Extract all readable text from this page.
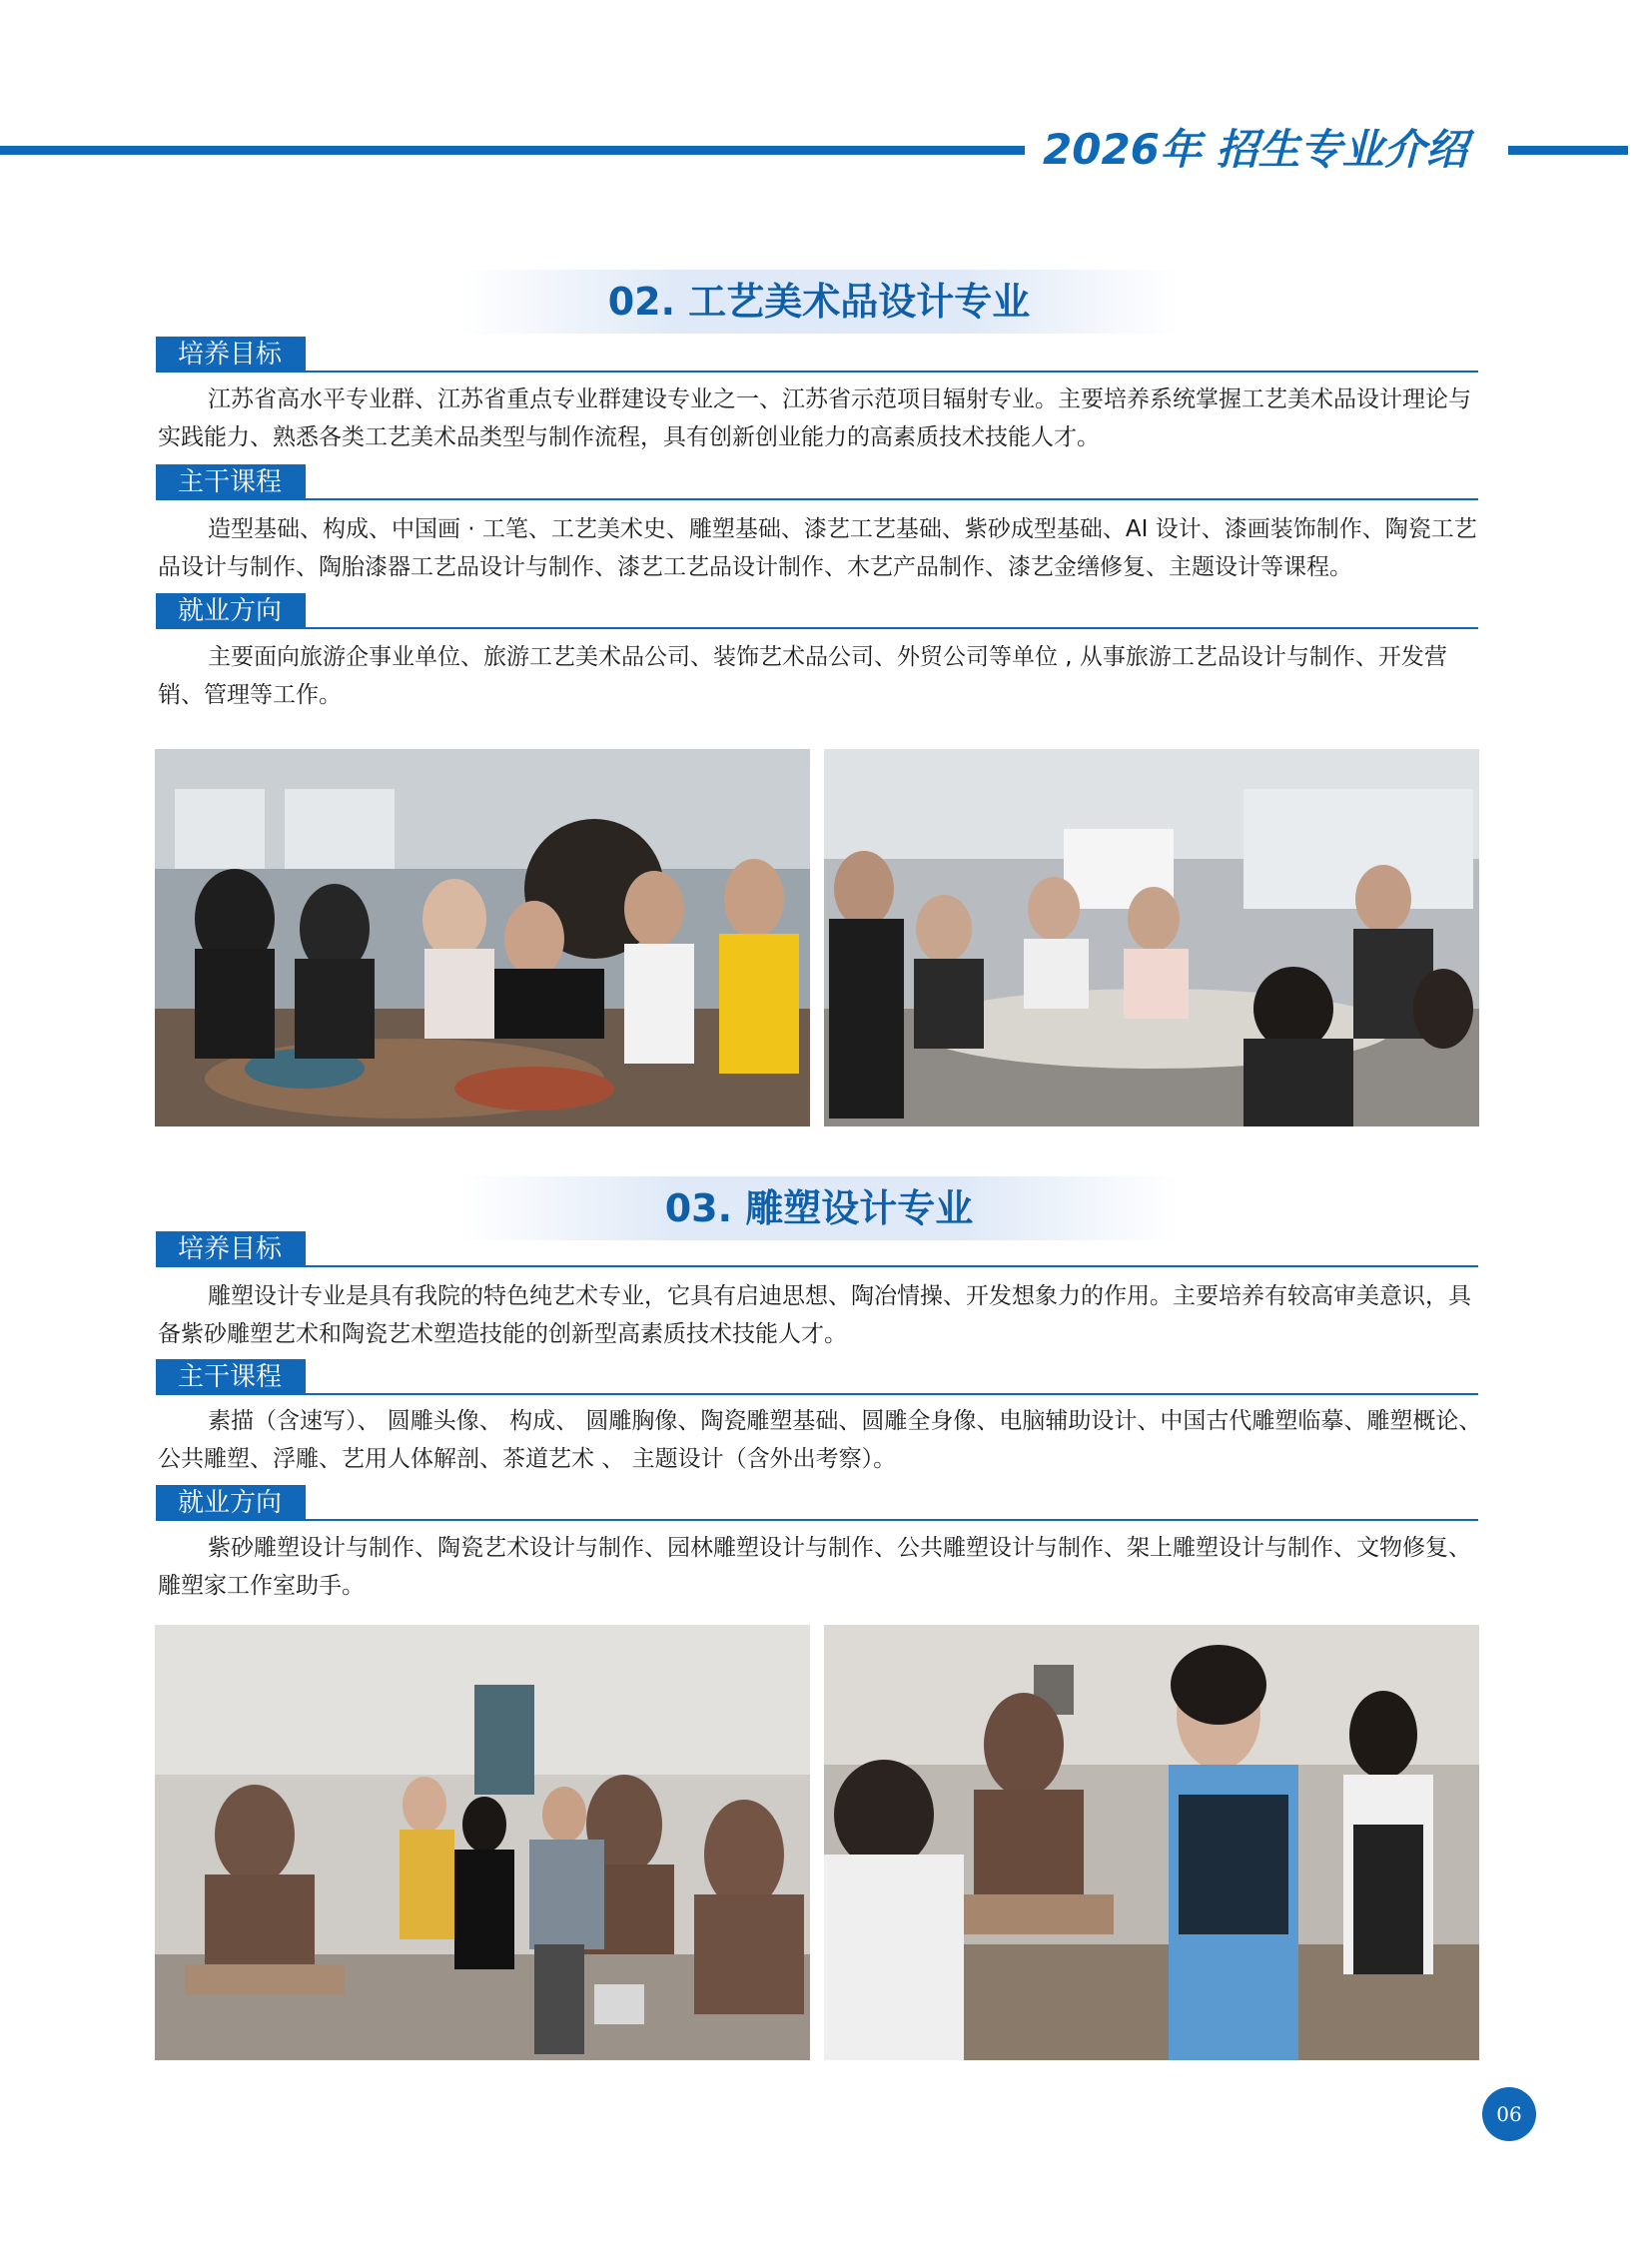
2026年 招生专业介绍
02. 工艺美术品设计专业
培养目标
江苏省高水平专业群、江苏省重点专业群建设专业之一、江苏省示范项目辐射专业。主要培养系统掌握工艺美术品设计理论与实践能力、熟悉各类工艺美术品类型与制作流程，具有创新创业能力的高素质技术技能人才。
主干课程
造型基础、构成、中国画 · 工笔、工艺美术史、雕塑基础、漆艺工艺基础、紫砂成型基础、AI 设计、漆画装饰制作、陶瓷工艺品设计与制作、陶胎漆器工艺品设计与制作、漆艺工艺品设计制作、木艺产品制作、漆艺金缮修复、主题设计等课程。
就业方向
主要面向旅游企事业单位、旅游工艺美术品公司、装饰艺术品公司、外贸公司等单位 , 从事旅游工艺品设计与制作、开发营销、管理等工作。
03. 雕塑设计专业
培养目标
雕塑设计专业是具有我院的特色纯艺术专业，它具有启迪思想、陶冶情操、开发想象力的作用。主要培养有较高审美意识，具备紫砂雕塑艺术和陶瓷艺术塑造技能的创新型高素质技术技能人才。
主干课程
素描（含速写）、 圆雕头像、 构成、 圆雕胸像、陶瓷雕塑基础、圆雕全身像、电脑辅助设计、中国古代雕塑临摹、雕塑概论、公共雕塑、浮雕、艺用人体解剖、茶道艺术 、 主题设计（含外出考察）。
就业方向
紫砂雕塑设计与制作、陶瓷艺术设计与制作、园林雕塑设计与制作、公共雕塑设计与制作、架上雕塑设计与制作、文物修复、雕塑家工作室助手。
06
